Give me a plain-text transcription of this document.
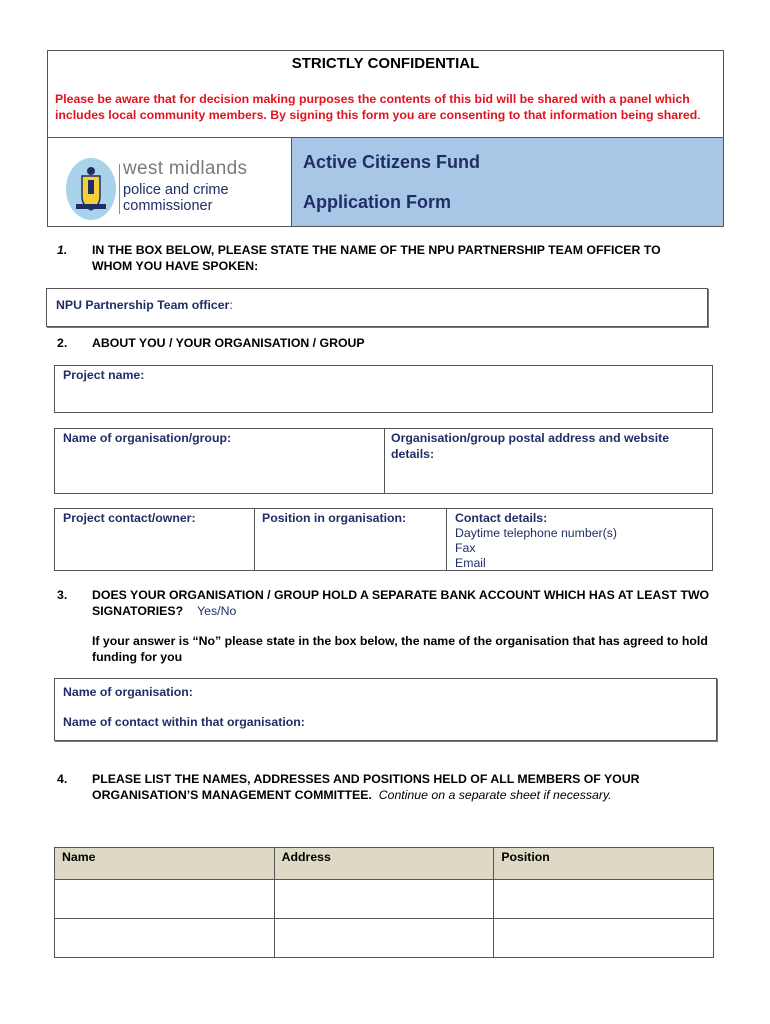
STRICTLY CONFIDENTIAL
Please be aware that for decision making purposes the contents of this bid will be shared with a panel which includes local community members. By signing this form you are consenting to that information being shared.
Active Citizens Fund
Application Form
west midlands
police and crime
commissioner
1. IN THE BOX BELOW, PLEASE STATE THE NAME OF THE NPU PARTNERSHIP TEAM OFFICER TO WHOM YOU HAVE SPOKEN:
NPU Partnership Team officer:
2. ABOUT YOU / YOUR ORGANISATION / GROUP
Project name:
Name of organisation/group:	Organisation/group postal address and website details:
Project contact/owner:	Position in organisation:	Contact details:
Daytime telephone number(s)
Fax
Email
3. DOES YOUR ORGANISATION / GROUP HOLD A SEPARATE BANK ACCOUNT WHICH HAS AT LEAST TWO SIGNATORIES? Yes/No
If your answer is “No” please state in the box below, the name of the organisation that has agreed to hold funding for you
Name of organisation:
Name of contact within that organisation:
4. PLEASE LIST THE NAMES, ADDRESSES AND POSITIONS HELD OF ALL MEMBERS OF YOUR ORGANISATION’S MANAGEMENT COMMITTEE. Continue on a separate sheet if necessary.
Name	Address	Position
